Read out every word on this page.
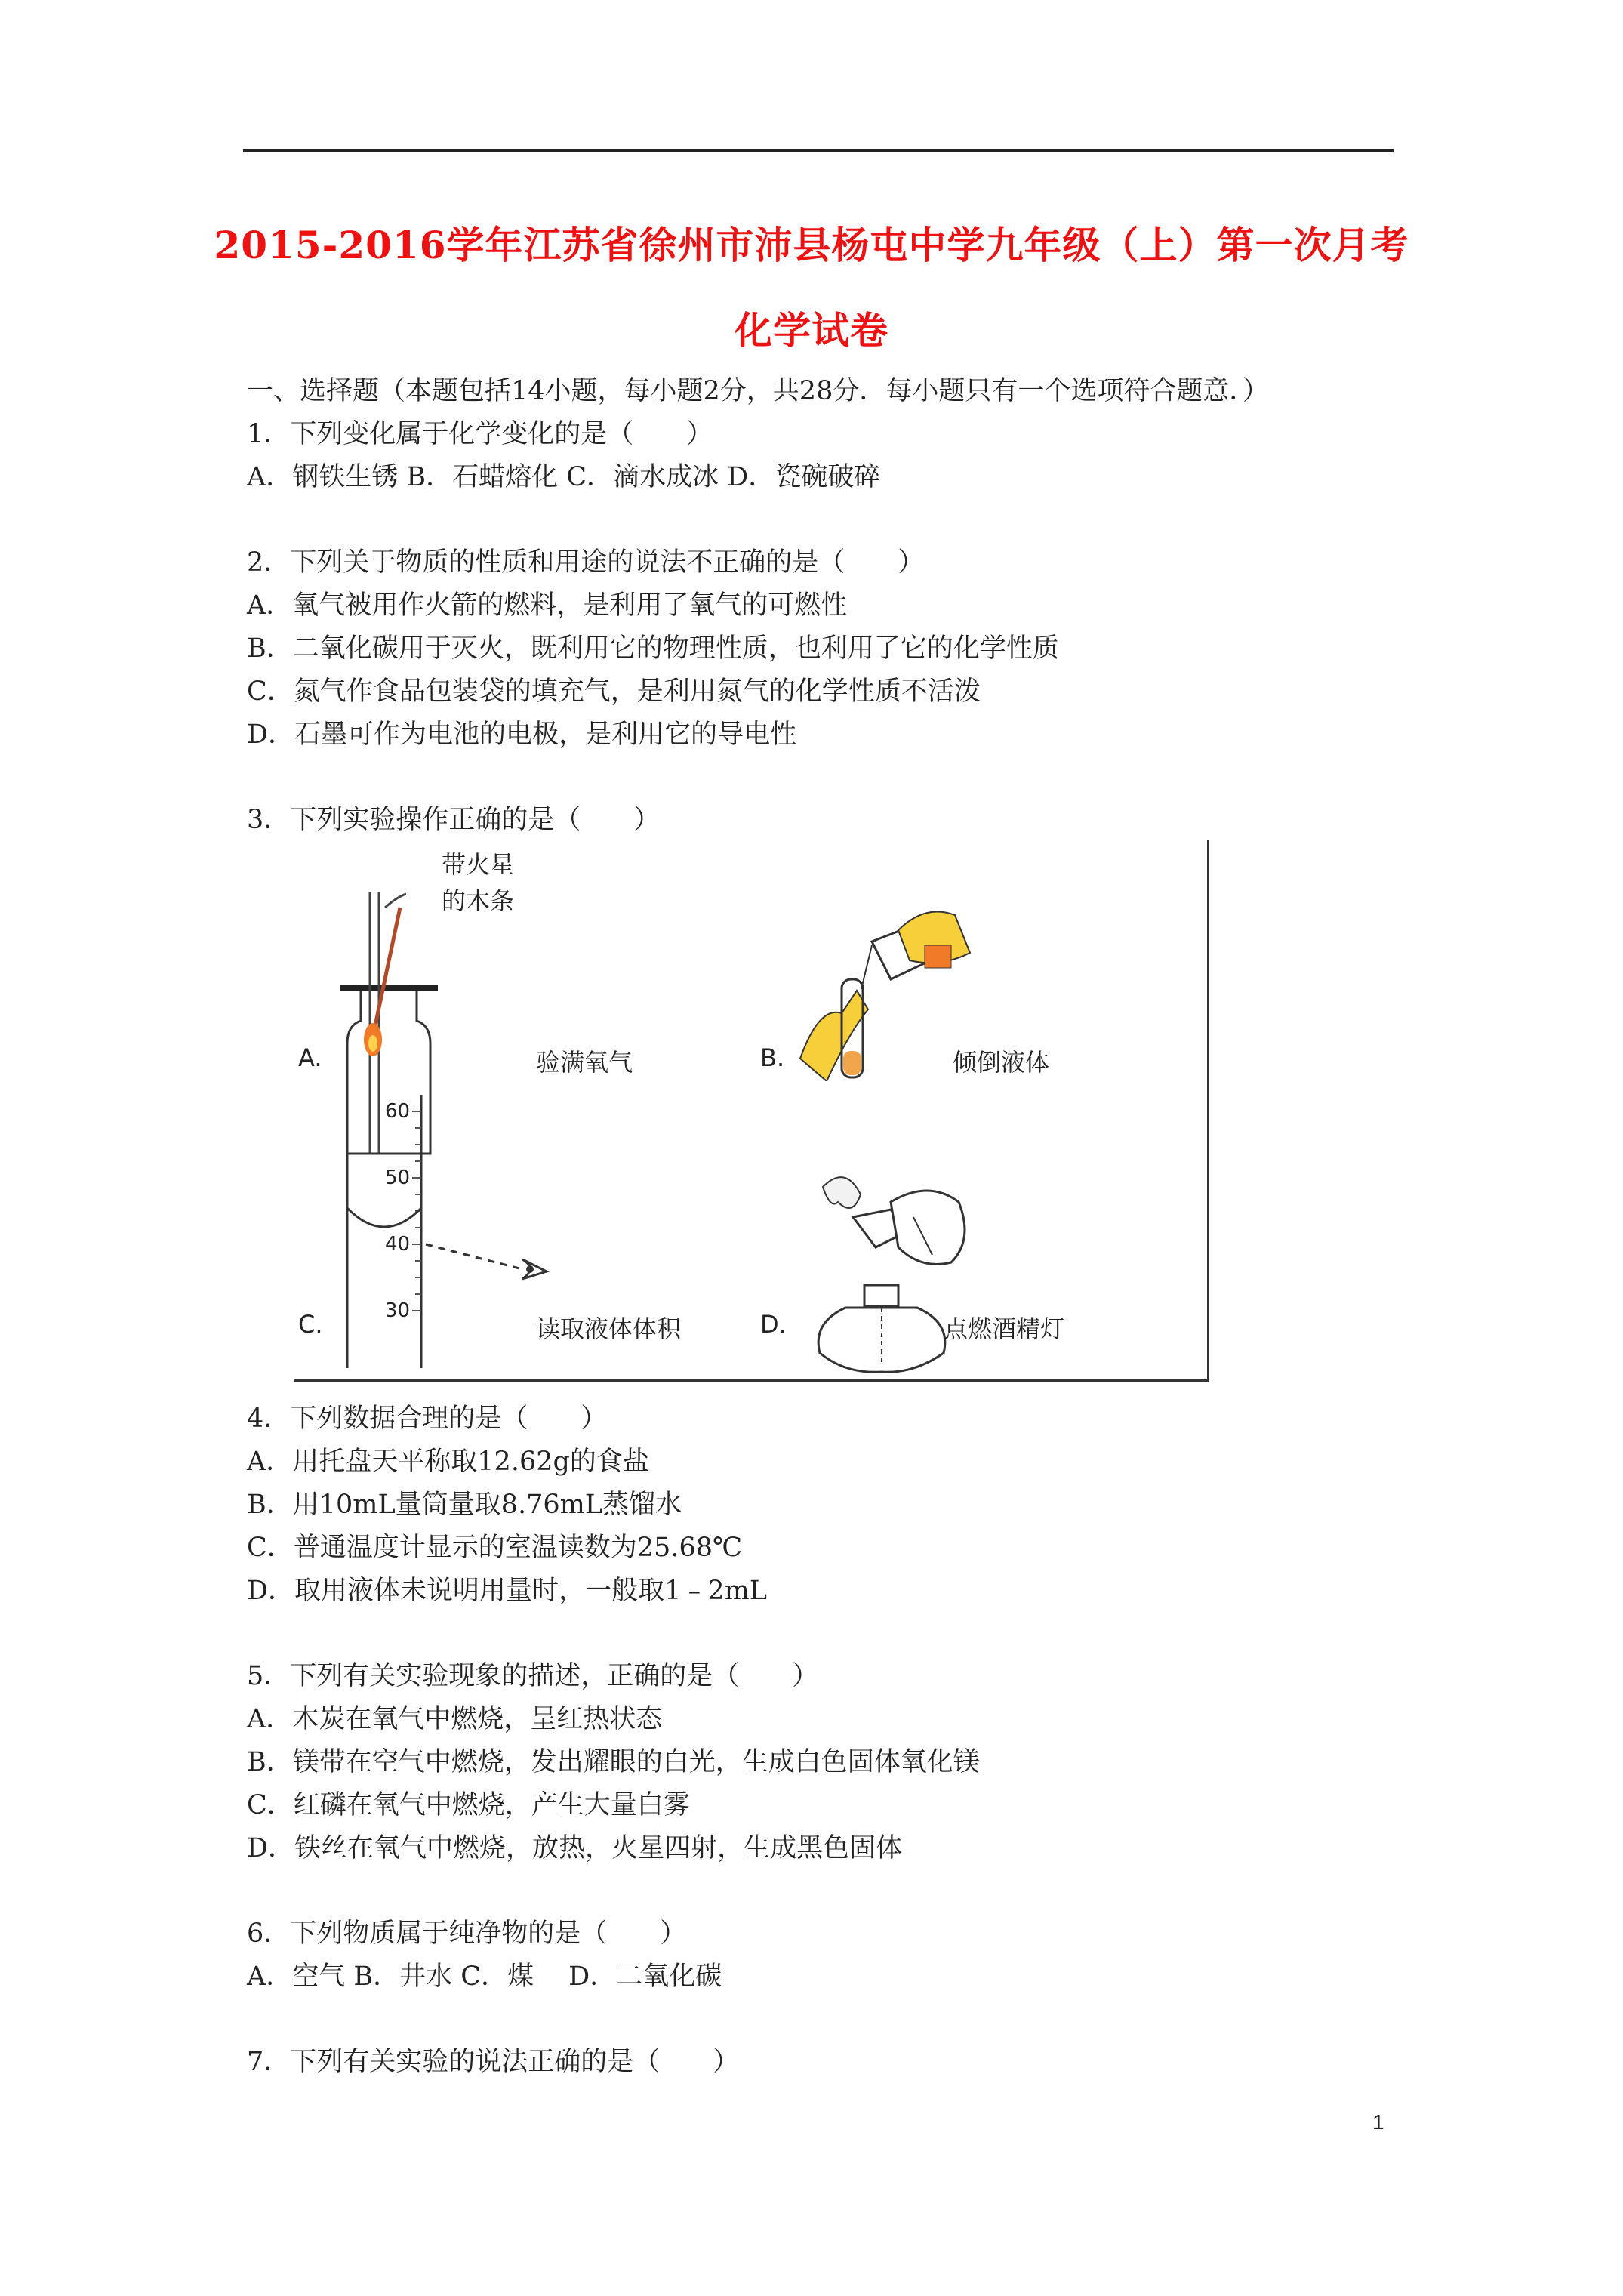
2015-2016学年江苏省徐州市沛县杨屯中学九年级（上）第一次月考
化学试卷
一、选择题（本题包括14小题，每小题2分，共28分．每小题只有一个选项符合题意．）
1．下列变化属于化学变化的是（　　）
A．钢铁生锈 B．石蜡熔化 C．滴水成冰 D．瓷碗破碎
2．下列关于物质的性质和用途的说法不正确的是（　　）
A．氧气被用作火箭的燃料，是利用了氧气的可燃性
B．二氧化碳用于灭火，既利用它的物理性质，也利用了它的化学性质
C．氮气作食品包装袋的填充气，是利用氮气的化学性质不活泼
D．石墨可作为电池的电极，是利用它的导电性
3．下列实验操作正确的是（　　）
带火星
的木条
A.	验满氧气	B.	倾倒液体
60
50
40
30
C.	读取液体体积	D.	点燃酒精灯
4．下列数据合理的是（　　）
A．用托盘天平称取12.62g的食盐
B．用10mL量筒量取8.76mL蒸馏水
C．普通温度计显示的室温读数为25.68℃
D．取用液体未说明用量时，一般取1﹣2mL
5．下列有关实验现象的描述，正确的是（　　）
A．木炭在氧气中燃烧，呈红热状态
B．镁带在空气中燃烧，发出耀眼的白光，生成白色固体氧化镁
C．红磷在氧气中燃烧，产生大量白雾
D．铁丝在氧气中燃烧，放热，火星四射，生成黑色固体
6．下列物质属于纯净物的是（　　）
A．空气 B．井水 C．煤　 D．二氧化碳
7．下列有关实验的说法正确的是（　　）
1
